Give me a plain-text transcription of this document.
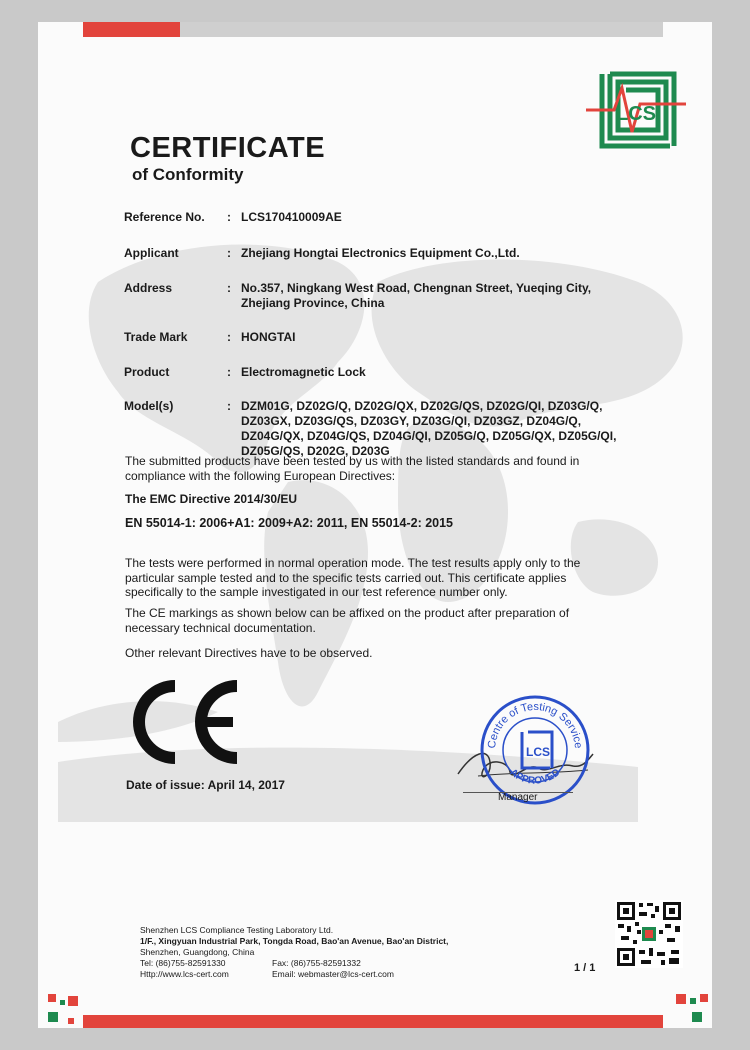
LCS
CERTIFICATE
of Conformity
Reference No.	: LCS170410009AE
Applicant	: Zhejiang Hongtai Electronics Equipment Co.,Ltd.
Address	: No.357, Ningkang West Road, Chengnan Street, Yueqing City, Zhejiang Province, China
Trade Mark	: HONGTAI
Product	: Electromagnetic Lock
Model(s)	: DZM01G, DZ02G/Q, DZ02G/QX, DZ02G/QS, DZ02G/QI, DZ03G/Q, DZ03GX, DZ03G/QS, DZ03GY, DZ03G/QI, DZ03GZ, DZ04G/Q, DZ04G/QX, DZ04G/QS, DZ04G/QI, DZ05G/Q, DZ05G/QX, DZ05G/QI, DZ05G/QS, D202G, D203G
The submitted products have been tested by us with the listed standards and found in compliance with the following European Directives:
The EMC Directive 2014/30/EU
EN 55014-1: 2006+A1: 2009+A2: 2011, EN 55014-2: 2015
The tests were performed in normal operation mode. The test results apply only to the particular sample tested and to the specific tests carried out. This certificate applies specifically to the sample investigated in our test reference number only.
The CE markings as shown below can be affixed on the product after preparation of necessary technical documentation.
Other relevant Directives have to be observed.
Centre of Testing Service
APPROVED
LCS
Date of issue: April 14, 2017
Manager
Shenzhen LCS Compliance Testing Laboratory Ltd.
1/F., Xingyuan Industrial Park, Tongda Road, Bao'an Avenue, Bao'an District,
Shenzhen, Guangdong, China
Tel: (86)755-82591330	Fax: (86)755-82591332
Http://www.lcs-cert.com	Email: webmaster@lcs-cert.com	1 / 1
